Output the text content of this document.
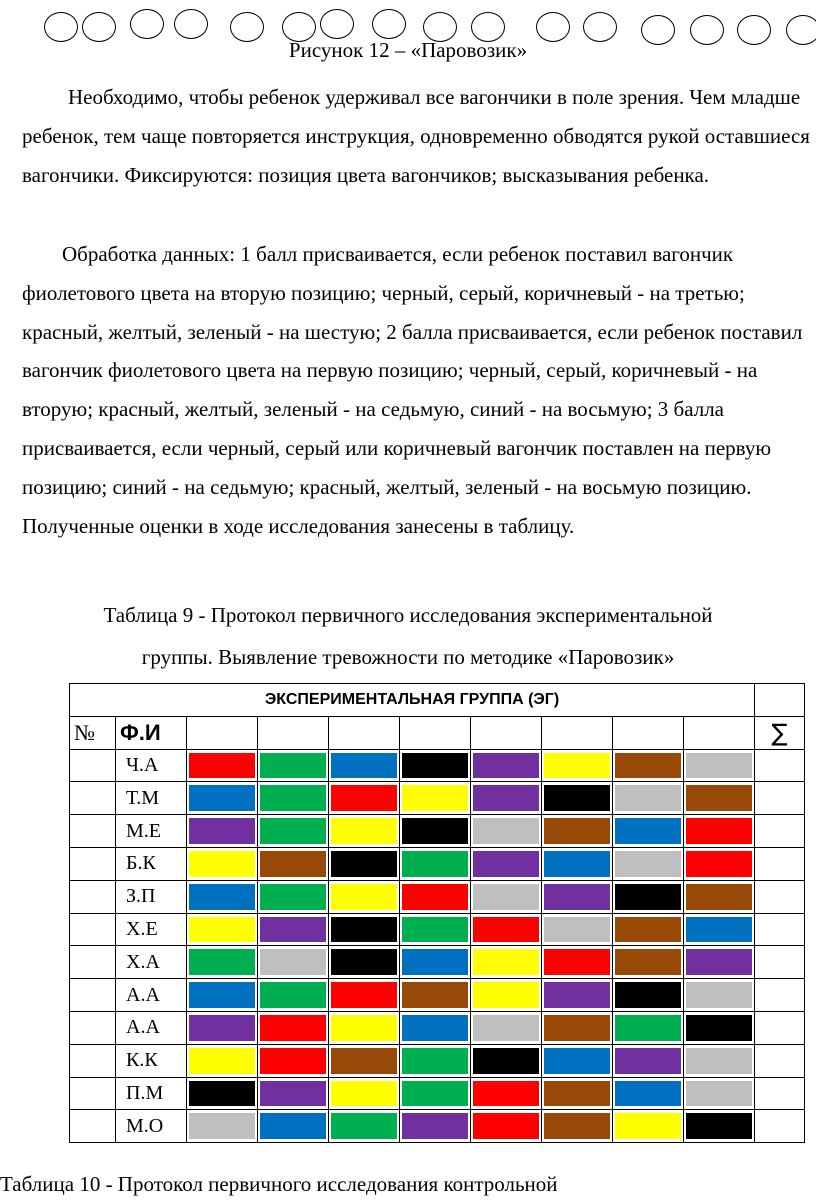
Рисунок 12 – «Паровозик»

Необходимо, чтобы ребенок удерживал все вагончики в поле зрения. Чем младше ребенок, тем чаще повторяется инструкция, одновременно обводятся рукой оставшиеся вагончики. Фиксируются: позиция цвета вагончиков; высказывания ребенка.

Обработка данных: 1 балл присваивается, если ребенок поставил вагончик фиолетового цвета на вторую позицию; черный, серый, коричневый - на третью; красный, желтый, зеленый - на шестую; 2 балла присваивается, если ребенок поставил вагончик фиолетового цвета на первую позицию; черный, серый, коричневый - на вторую; красный, желтый, зеленый - на седьмую, синий - на восьмую; 3 балла присваивается, если черный, серый или коричневый вагончик поставлен на первую позицию; синий - на седьмую; красный, желтый, зеленый - на восьмую позицию. Полученные оценки в ходе исследования занесены в таблицу.

Таблица 9 - Протокол первичного исследования экспериментальной
группы. Выявление тревожности по методике «Паровозик»
ЭКСПЕРИМЕНТАЛЬНАЯ ГРУППА (ЭГ)										
№	Ф.И									∑
	Ч.А	

	Т.М	

	М.Е	

	Б.К	

	З.П	

	Х.Е	

	Х.А	

	А.А	

	А.А	

	К.К	

	П.М	

	М.О	

Таблица 10 - Протокол первичного исследования контрольной
